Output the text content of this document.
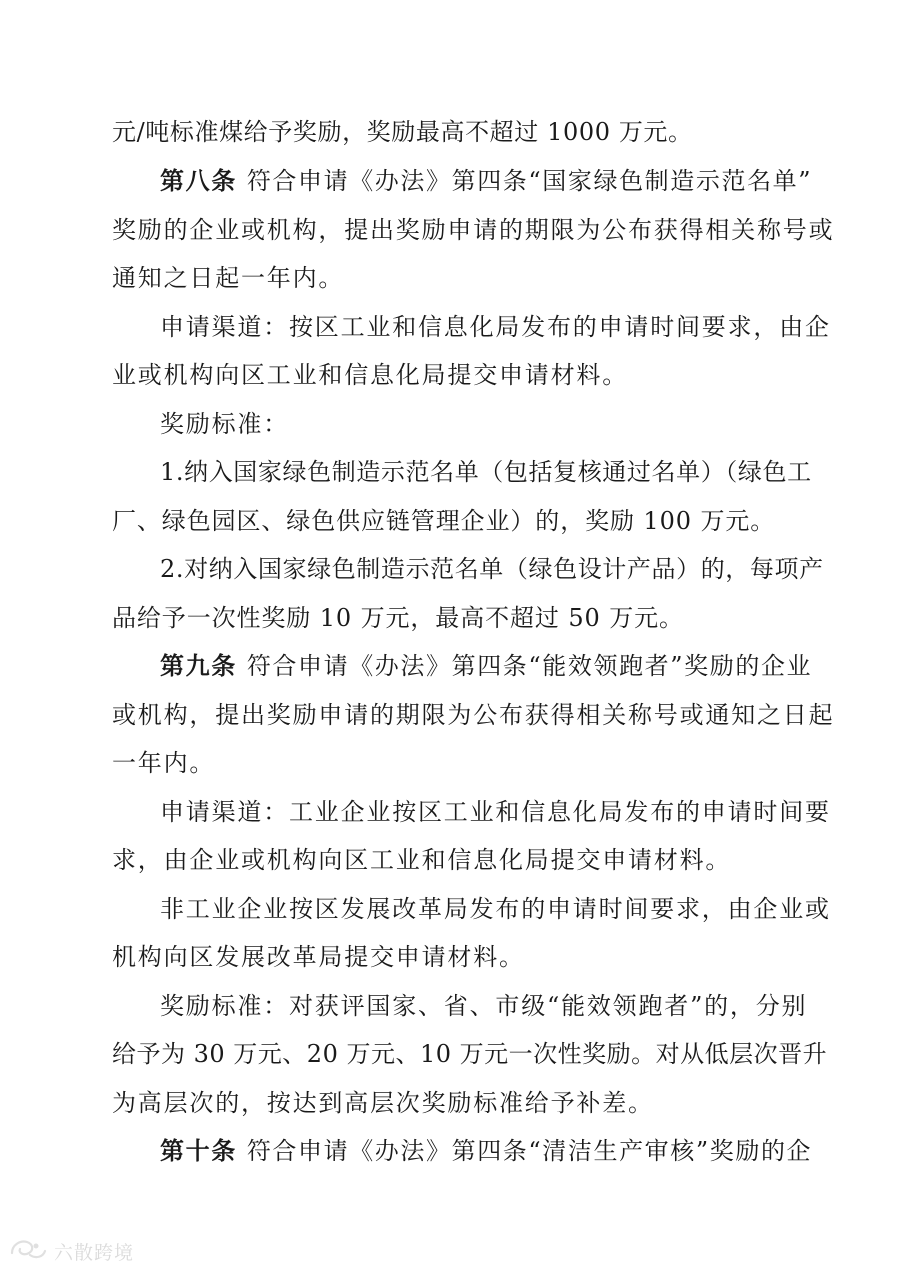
元/吨标准煤给予奖励，奖励最高不超过 1000 万元。
第八条 符合申请《办法》第四条“国家绿色制造示范名单”
奖励的企业或机构，提出奖励申请的期限为公布获得相关称号或
通知之日起一年内。
申请渠道：按区工业和信息化局发布的申请时间要求，由企
业或机构向区工业和信息化局提交申请材料。
奖励标准：
1.纳入国家绿色制造示范名单（包括复核通过名单）（绿色工
厂、绿色园区、绿色供应链管理企业）的，奖励 100 万元。
2.对纳入国家绿色制造示范名单（绿色设计产品）的，每项产
品给予一次性奖励 10 万元，最高不超过 50 万元。
第九条 符合申请《办法》第四条“能效领跑者”奖励的企业
或机构，提出奖励申请的期限为公布获得相关称号或通知之日起
一年内。
申请渠道：工业企业按区工业和信息化局发布的申请时间要
求，由企业或机构向区工业和信息化局提交申请材料。
非工业企业按区发展改革局发布的申请时间要求，由企业或
机构向区发展改革局提交申请材料。
奖励标准：对获评国家、省、市级“能效领跑者”的，分别
给予为 30 万元、20 万元、10 万元一次性奖励。对从低层次晋升
为高层次的，按达到高层次奖励标准给予补差。
第十条 符合申请《办法》第四条“清洁生产审核”奖励的企
六散跨境
